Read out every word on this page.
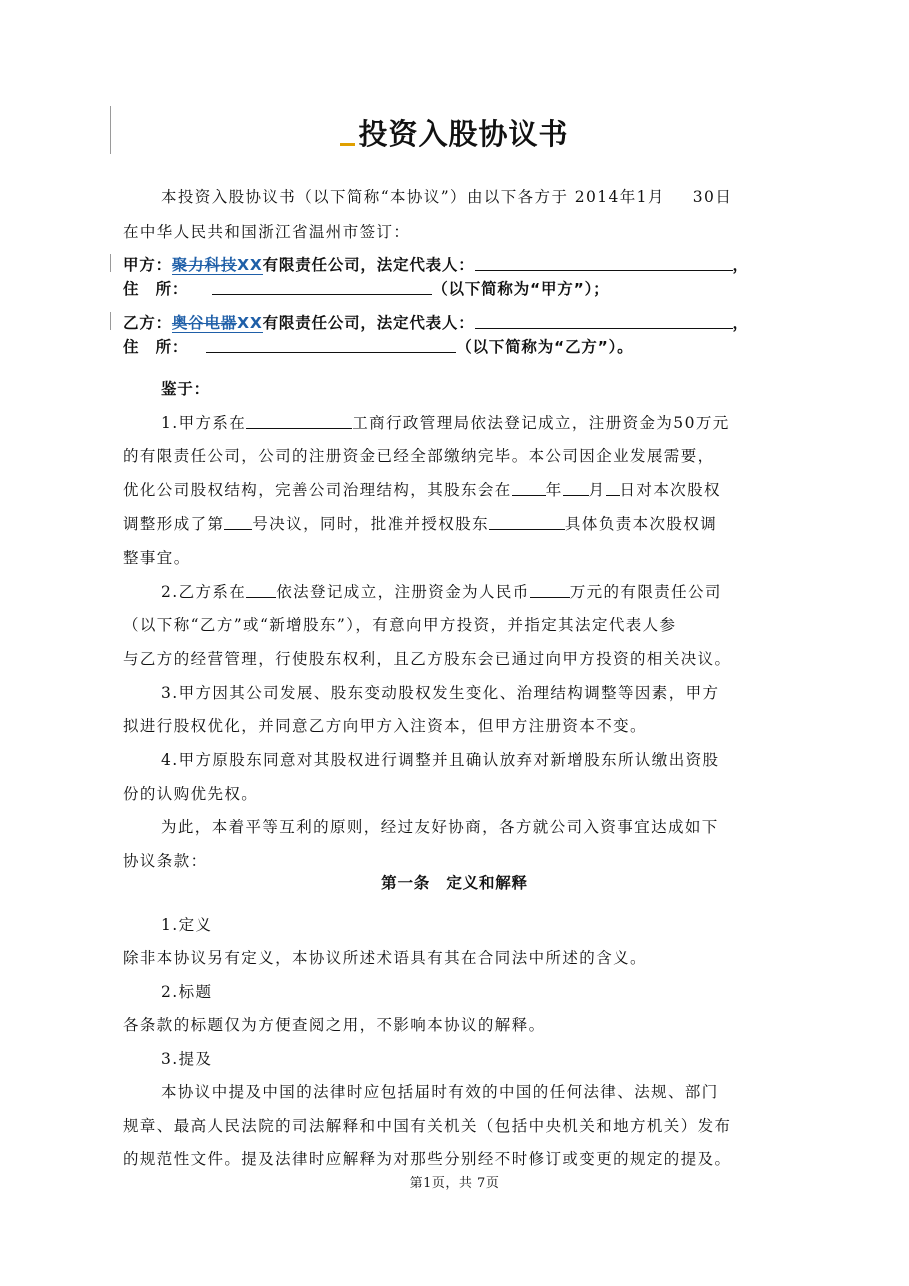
投资入股协议书
本投资入股协议书（以下简称“本协议”）由以下各方于 2014年1月 30日
在中华人民共和国浙江省温州市签订：
甲方：聚力科技XX有限责任公司，法定代表人：	，
住　所：	（以下简称为“甲方”）；
乙方：奥谷电器XX有限责任公司，法定代表人：	，
住　所：	（以下简称为“乙方”）。
鉴于：
1.甲方系在	工商行政管理局依法登记成立，注册资金为50万元
的有限责任公司，公司的注册资金已经全部缴纳完毕。本公司因企业发展需要，
优化公司股权结构，完善公司治理结构，其股东会在 年 月 日对本次股权
调整形成了第 号决议，同时，批准并授权股东	具体负责本次股权调
整事宜。
2.乙方系在 依法登记成立，注册资金为人民币	万元的有限责任公司
（以下称“乙方”或“新增股东”），有意向甲方投资，并指定其法定代表人参
与乙方的经营管理，行使股东权利，且乙方股东会已通过向甲方投资的相关决议。
3.甲方因其公司发展、股东变动股权发生变化、治理结构调整等因素，甲方
拟进行股权优化，并同意乙方向甲方入注资本，但甲方注册资本不变。
4.甲方原股东同意对其股权进行调整并且确认放弃对新增股东所认缴出资股
份的认购优先权。
为此，本着平等互利的原则，经过友好协商，各方就公司入资事宜达成如下
协议条款：
第一条　定义和解释
1.定义
除非本协议另有定义，本协议所述术语具有其在合同法中所述的含义。
2.标题
各条款的标题仅为方便查阅之用，不影响本协议的解释。
3.提及
本协议中提及中国的法律时应包括届时有效的中国的任何法律、法规、部门
规章、最高人民法院的司法解释和中国有关机关（包括中央机关和地方机关）发布
的规范性文件。提及法律时应解释为对那些分别经不时修订或变更的规定的提及。
第1页，共 7页
